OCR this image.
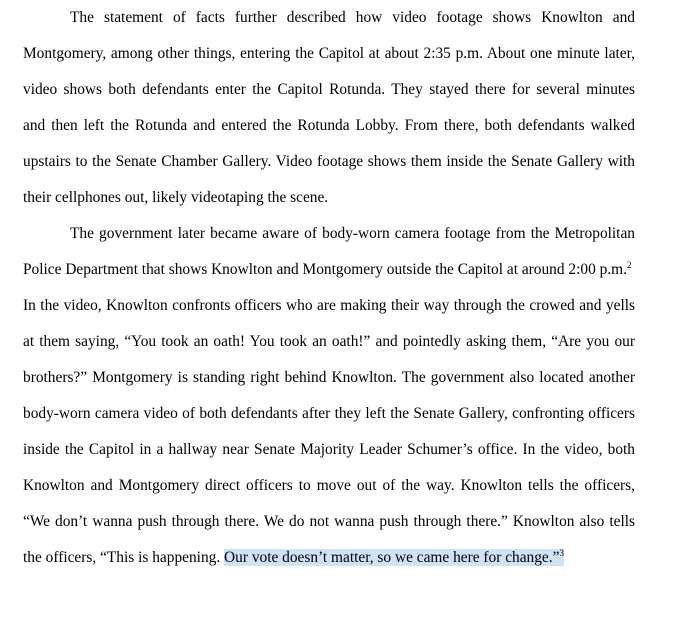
The statement of facts further described how video footage shows Knowlton and
Montgomery, among other things, entering the Capitol at about 2:35 p.m. About one minute later,
video shows both defendants enter the Capitol Rotunda. They stayed there for several minutes
and then left the Rotunda and entered the Rotunda Lobby. From there, both defendants walked
upstairs to the Senate Chamber Gallery. Video footage shows them inside the Senate Gallery with
their cellphones out, likely videotaping the scene.
The government later became aware of body-worn camera footage from the Metropolitan
Police Department that shows Knowlton and Montgomery outside the Capitol at around 2:00 p.m.$^2$
In the video, Knowlton confronts officers who are making their way through the crowed and yells
at them saying, “You took an oath! You took an oath!” and pointedly asking them, “Are you our
brothers?” Montgomery is standing right behind Knowlton. The government also located another
body-worn camera video of both defendants after they left the Senate Gallery, confronting officers
inside the Capitol in a hallway near Senate Majority Leader Schumer’s office. In the video, both
Knowlton and Montgomery direct officers to move out of the way. Knowlton tells the officers,
“We don’t wanna push through there. We do not wanna push through there.” Knowlton also tells
the officers, “This is happening. Our vote doesn’t matter, so we came here for change.”$^3$
